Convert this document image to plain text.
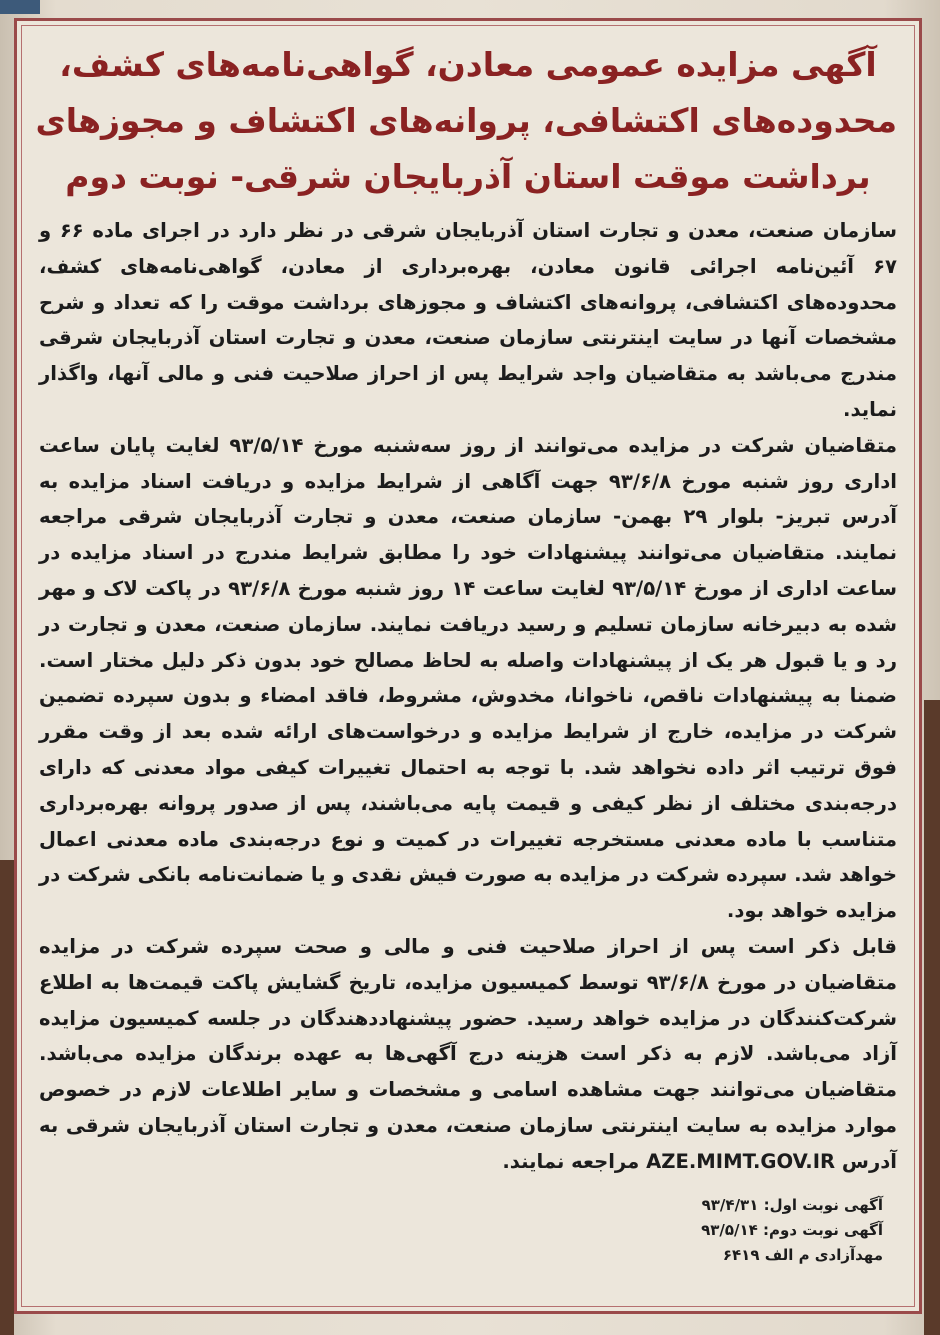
آگهی مزایده عمومی معادن، گواهی‌نامه‌های کشف،
محدوده‌های اکتشافی، پروانه‌های اکتشاف و مجوزهای
برداشت موقت استان آذربایجان شرقی- نوبت دوم

سازمان صنعت، معدن و تجارت استان آذربایجان شرقی در نظر دارد در اجرای ماده ۶۶ و ۶۷ آئین‌نامه اجرائی قانون معادن، بهره‌برداری از معادن، گواهی‌نامه‌های کشف، محدوده‌های اکتشافی، پروانه‌های اکتشاف و مجوزهای برداشت موقت را که تعداد و شرح مشخصات آنها در سایت اینترنتی سازمان صنعت، معدن و تجارت استان آذربایجان شرقی مندرج می‌باشد به متقاضیان واجد شرایط پس از احراز صلاحیت فنی و مالی آنها، واگذار نماید.

متقاضیان شرکت در مزایده می‌توانند از روز سه‌شنبه مورخ ۹۳/۵/۱۴ لغایت پایان ساعت اداری روز شنبه مورخ ۹۳/۶/۸ جهت آگاهی از شرایط مزایده و دریافت اسناد مزایده به آدرس تبریز- بلوار ۲۹ بهمن- سازمان صنعت، معدن و تجارت آذربایجان شرقی مراجعه نمایند. متقاضیان می‌توانند پیشنهادات خود را مطابق شرایط مندرج در اسناد مزایده در ساعت اداری از مورخ ۹۳/۵/۱۴ لغایت ساعت ۱۴ روز شنبه مورخ ۹۳/۶/۸ در پاکت لاک و مهر شده به دبیرخانه سازمان تسلیم و رسید دریافت نمایند. سازمان صنعت، معدن و تجارت در رد و یا قبول هر یک از پیشنهادات واصله به لحاظ مصالح خود بدون ذکر دلیل مختار است. ضمنا به پیشنهادات ناقص، ناخوانا، مخدوش، مشروط، فاقد امضاء و بدون سپرده تضمین شرکت در مزایده، خارج از شرایط مزایده و درخواست‌های ارائه شده بعد از وقت مقرر فوق ترتیب اثر داده نخواهد شد. با توجه به احتمال تغییرات کیفی مواد معدنی که دارای درجه‌بندی مختلف از نظر کیفی و قیمت پایه می‌باشند، پس از صدور پروانه بهره‌برداری متناسب با ماده معدنی مستخرجه تغییرات در کمیت و نوع درجه‌بندی ماده معدنی اعمال خواهد شد. سپرده شرکت در مزایده به صورت فیش نقدی و یا ضمانت‌نامه بانکی شرکت در مزایده خواهد بود.

قابل ذکر است پس از احراز صلاحیت فنی و مالی و صحت سپرده شرکت در مزایده متقاضیان در مورخ ۹۳/۶/۸ توسط کمیسیون مزایده، تاریخ گشایش پاکت قیمت‌ها به اطلاع شرکت‌کنندگان در مزایده خواهد رسید. حضور پیشنهاددهندگان در جلسه کمیسیون مزایده آزاد می‌باشد. لازم به ذکر است هزینه درج آگهی‌ها به عهده برندگان مزایده می‌باشد. متقاضیان می‌توانند جهت مشاهده اسامی و مشخصات و سایر اطلاعات لازم در خصوص موارد مزایده به سایت اینترنتی سازمان صنعت، معدن و تجارت استان آذربایجان شرقی به آدرس AZE.MIMT.GOV.IR مراجعه نمایند.

آگهی نوبت اول: ۹۳/۴/۳۱
آگهی نوبت دوم: ۹۳/۵/۱۴
مهدآزادی م الف ۶۴۱۹
